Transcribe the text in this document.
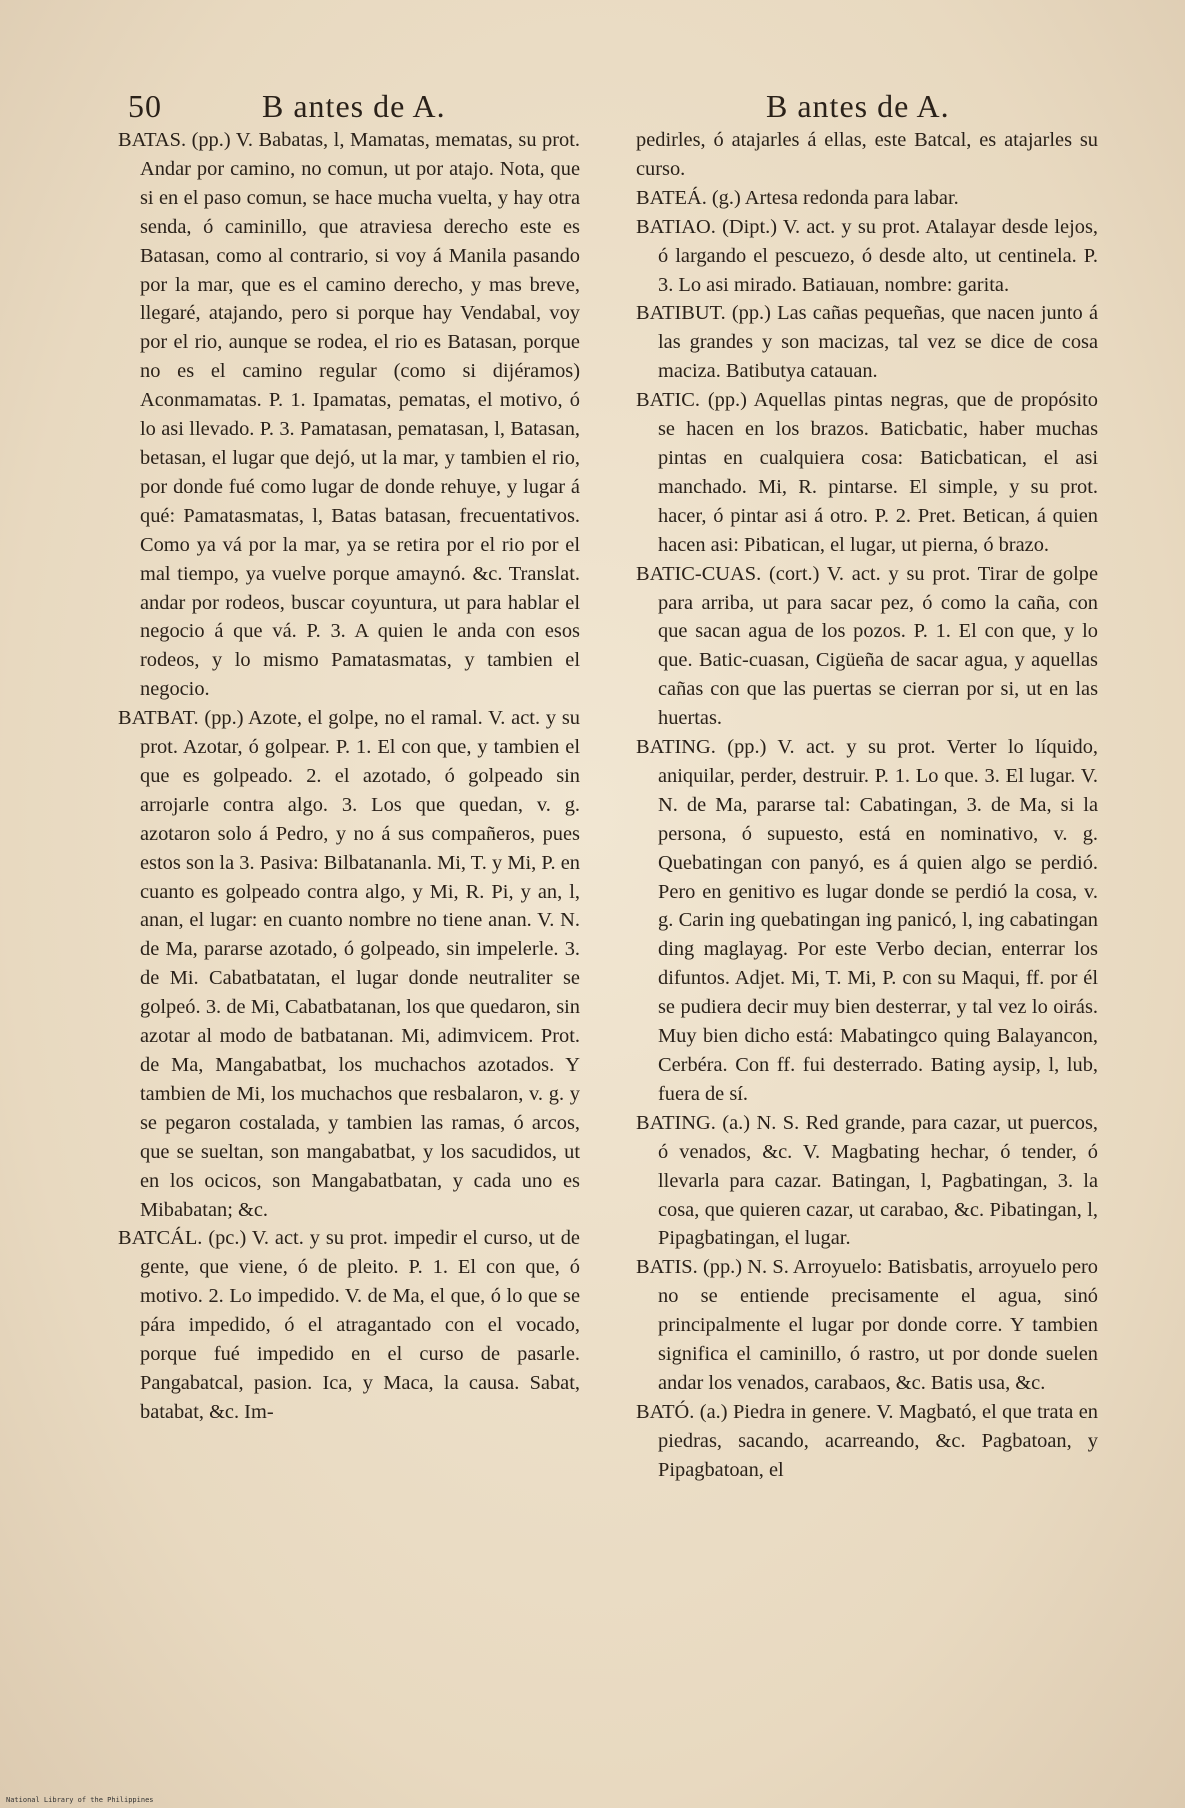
50	B antes de A.	B antes de A.

BATAS. (pp.) V. Babatas, l, Mamatas, mematas, su prot. Andar por camino, no comun, ut por atajo. Nota, que si en el paso comun, se hace mucha vuelta, y hay otra senda, ó caminillo, que atraviesa derecho este es Batasan, como al contrario, si voy á Manila pasando por la mar, que es el camino derecho, y mas breve, llegaré, atajando, pero si porque hay Vendabal, voy por el rio, aunque se rodea, el rio es Batasan, porque no es el camino regular (como si dijéramos) Aconmamatas. P. 1. Ipamatas, pematas, el motivo, ó lo asi llevado. P. 3. Pamatasan, pematasan, l, Batasan, betasan, el lugar que dejó, ut la mar, y tambien el rio, por donde fué como lugar de donde rehuye, y lugar á qué: Pamatasmatas, l, Batas batasan, frecuentativos. Como ya vá por la mar, ya se retira por el rio por el mal tiempo, ya vuelve porque amaynó. &c. Translat. andar por rodeos, buscar coyuntura, ut para hablar el negocio á que vá. P. 3. A quien le anda con esos rodeos, y lo mismo Pamatasmatas, y tambien el negocio.

BATBAT. (pp.) Azote, el golpe, no el ramal. V. act. y su prot. Azotar, ó golpear. P. 1. El con que, y tambien el que es golpeado. 2. el azotado, ó golpeado sin arrojarle contra algo. 3. Los que quedan, v. g. azotaron solo á Pedro, y no á sus compañeros, pues estos son la 3. Pasiva: Bilbatananla. Mi, T. y Mi, P. en cuanto es golpeado contra algo, y Mi, R. Pi, y an, l, anan, el lugar: en cuanto nombre no tiene anan. V. N. de Ma, pararse azotado, ó golpeado, sin impelerle. 3. de Mi. Cabatbatatan, el lugar donde neutraliter se golpeó. 3. de Mi, Cabatbatanan, los que quedaron, sin azotar al modo de batbatanan. Mi, adimvicem. Prot. de Ma, Mangabatbat, los muchachos azotados. Y tambien de Mi, los muchachos que resbalaron, v. g. y se pegaron costalada, y tambien las ramas, ó arcos, que se sueltan, son mangabatbat, y los sacudidos, ut en los ocicos, son Mangabatbatan, y cada uno es Mibabatan; &c.

BATCÁL. (pc.) V. act. y su prot. impedir el curso, ut de gente, que viene, ó de pleito. P. 1. El con que, ó motivo. 2. Lo impedido. V. de Ma, el que, ó lo que se pára impedido, ó el atragantado con el vocado, porque fué impedido en el curso de pasarle. Pangabatcal, pasion. Ica, y Maca, la causa. Sabat, batabat, &c. Im-

pedirles, ó atajarles á ellas, este Batcal, es atajarles su curso.

BATEÁ. (g.) Artesa redonda para labar.

BATIAO. (Dipt.) V. act. y su prot. Atalayar desde lejos, ó largando el pescuezo, ó desde alto, ut centinela. P. 3. Lo asi mirado. Batiauan, nombre: garita.

BATIBUT. (pp.) Las cañas pequeñas, que nacen junto á las grandes y son macizas, tal vez se dice de cosa maciza. Batibutya catauan.

BATIC. (pp.) Aquellas pintas negras, que de propósito se hacen en los brazos. Baticbatic, haber muchas pintas en cualquiera cosa: Baticbatican, el asi manchado. Mi, R. pintarse. El simple, y su prot. hacer, ó pintar asi á otro. P. 2. Pret. Betican, á quien hacen asi: Pibatican, el lugar, ut pierna, ó brazo.

BATIC-CUAS. (cort.) V. act. y su prot. Tirar de golpe para arriba, ut para sacar pez, ó como la caña, con que sacan agua de los pozos. P. 1. El con que, y lo que. Batic-cuasan, Cigüeña de sacar agua, y aquellas cañas con que las puertas se cierran por si, ut en las huertas.

BATING. (pp.) V. act. y su prot. Verter lo líquido, aniquilar, perder, destruir. P. 1. Lo que. 3. El lugar. V. N. de Ma, pararse tal: Cabatingan, 3. de Ma, si la persona, ó supuesto, está en nominativo, v. g. Quebatingan con panyó, es á quien algo se perdió. Pero en genitivo es lugar donde se perdió la cosa, v. g. Carin ing quebatingan ing panicó, l, ing cabatingan ding maglayag. Por este Verbo decian, enterrar los difuntos. Adjet. Mi, T. Mi, P. con su Maqui, ff. por él se pudiera decir muy bien desterrar, y tal vez lo oirás. Muy bien dicho está: Mabatingco quing Balayancon, Cerbéra. Con ff. fui desterrado. Bating aysip, l, lub, fuera de sí.

BATING. (a.) N. S. Red grande, para cazar, ut puercos, ó venados, &c. V. Magbating hechar, ó tender, ó llevarla para cazar. Batingan, l, Pagbatingan, 3. la cosa, que quieren cazar, ut carabao, &c. Pibatingan, l, Pipagbatingan, el lugar.

BATIS. (pp.) N. S. Arroyuelo: Batisbatis, arroyuelo pero no se entiende precisamente el agua, sinó principalmente el lugar por donde corre. Y tambien significa el caminillo, ó rastro, ut por donde suelen andar los venados, carabaos, &c. Batis usa, &c.

BATÓ. (a.) Piedra in genere. V. Magbató, el que trata en piedras, sacando, acarreando, &c. Pagbatoan, y Pipagbatoan, el

National Library of the Philippines
